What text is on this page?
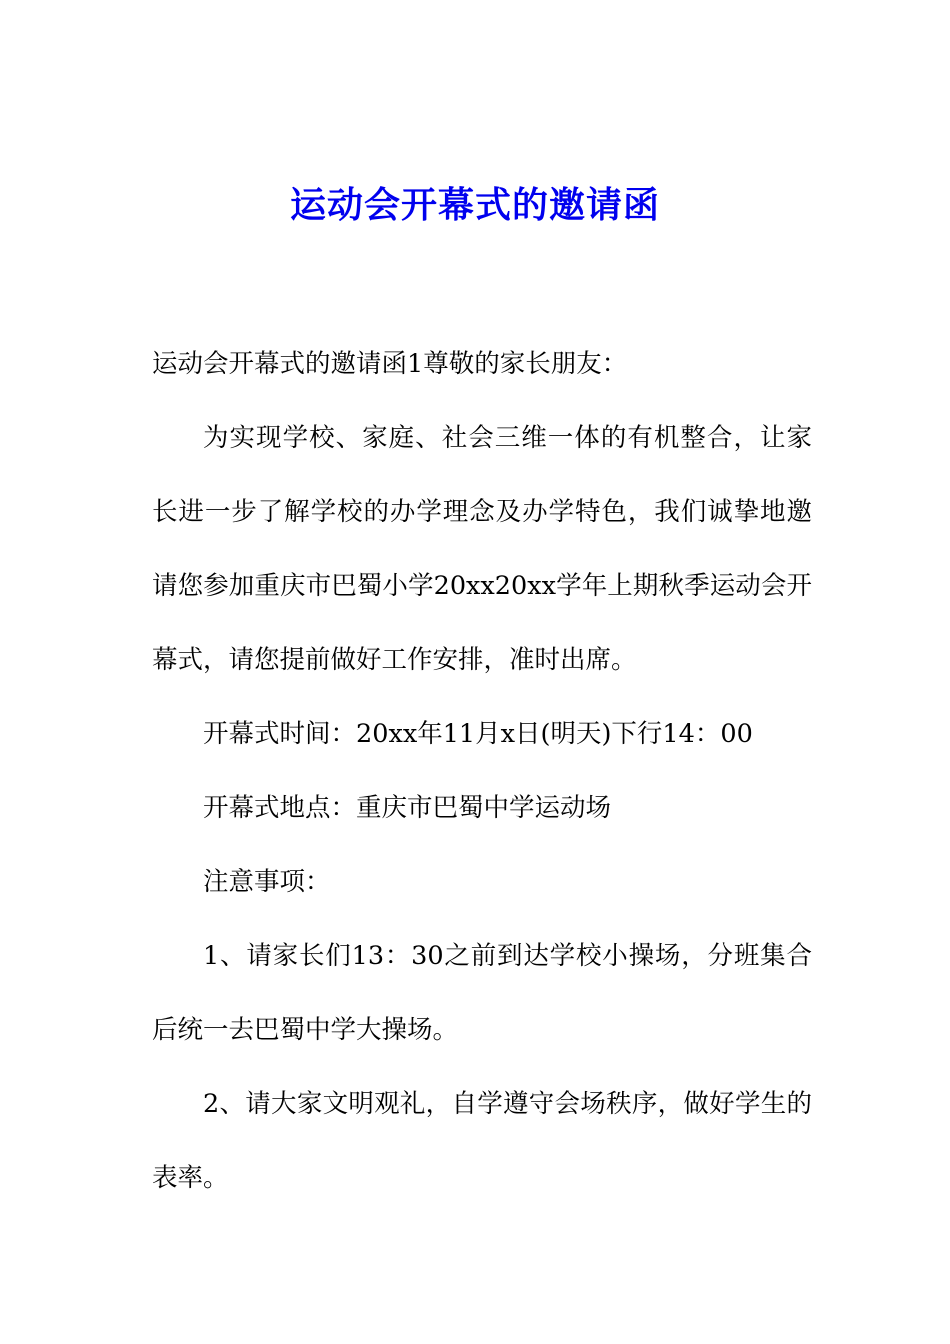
运动会开幕式的邀请函

运动会开幕式的邀请函1尊敬的家长朋友：

为实现学校、家庭、社会三维一体的有机整合，让家长进一步了解学校的办学理念及办学特色，我们诚挚地邀请您参加重庆市巴蜀小学20xx20xx学年上期秋季运动会开幕式，请您提前做好工作安排，准时出席。

开幕式时间：20xx年11月x日(明天)下行14：00

开幕式地点：重庆市巴蜀中学运动场

注意事项：

1、请家长们13：30之前到达学校小操场，分班集合后统一去巴蜀中学大操场。

2、请大家文明观礼，自学遵守会场秩序，做好学生的表率。
